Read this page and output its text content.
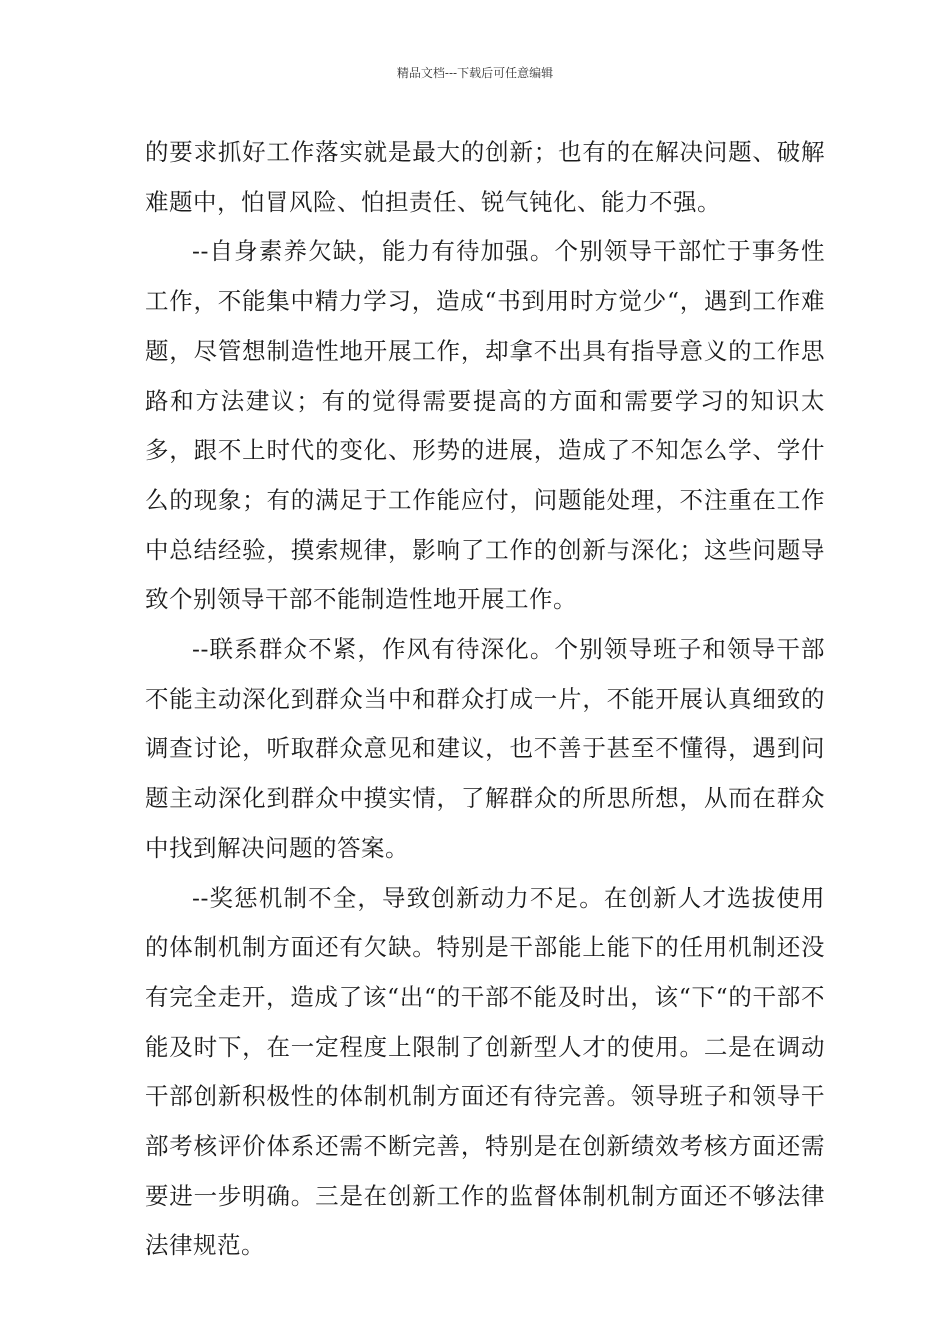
精品文档---下载后可任意编辑

的要求抓好工作落实就是最大的创新；也有的在解决问题、破解难题中，怕冒风险、怕担责任、锐气钝化、能力不强。

--自身素养欠缺，能力有待加强。个别领导干部忙于事务性工作，不能集中精力学习，造成“书到用时方觉少“，遇到工作难题，尽管想制造性地开展工作，却拿不出具有指导意义的工作思路和方法建议；有的觉得需要提高的方面和需要学习的知识太多，跟不上时代的变化、形势的进展，造成了不知怎么学、学什么的现象；有的满足于工作能应付，问题能处理，不注重在工作中总结经验，摸索规律，影响了工作的创新与深化；这些问题导致个别领导干部不能制造性地开展工作。

--联系群众不紧，作风有待深化。个别领导班子和领导干部不能主动深化到群众当中和群众打成一片，不能开展认真细致的调查讨论，听取群众意见和建议，也不善于甚至不懂得，遇到问题主动深化到群众中摸实情，了解群众的所思所想，从而在群众中找到解决问题的答案。

--奖惩机制不全，导致创新动力不足。在创新人才选拔使用的体制机制方面还有欠缺。特别是干部能上能下的任用机制还没有完全走开，造成了该“出“的干部不能及时出，该“下“的干部不能及时下，在一定程度上限制了创新型人才的使用。二是在调动干部创新积极性的体制机制方面还有待完善。领导班子和领导干部考核评价体系还需不断完善，特别是在创新绩效考核方面还需要进一步明确。三是在创新工作的监督体制机制方面还不够法律法律规范。
